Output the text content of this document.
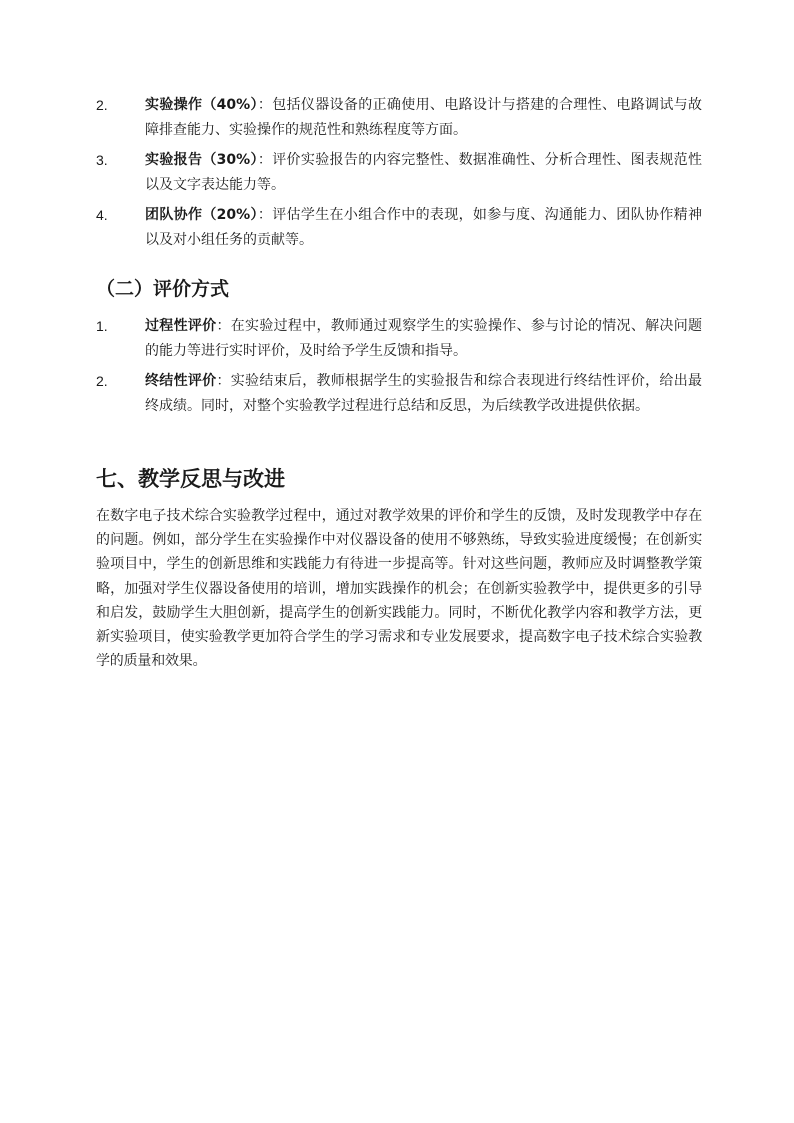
2.	实验操作（40%）：包括仪器设备的正确使用、电路设计与搭建的合理性、电路调试与故障排查能力、实验操作的规范性和熟练程度等方面。
3.	实验报告（30%）：评价实验报告的内容完整性、数据准确性、分析合理性、图表规范性以及文字表达能力等。
4.	团队协作（20%）：评估学生在小组合作中的表现，如参与度、沟通能力、团队协作精神以及对小组任务的贡献等。
（二）评价方式
1.	过程性评价：在实验过程中，教师通过观察学生的实验操作、参与讨论的情况、解决问题的能力等进行实时评价，及时给予学生反馈和指导。
2.	终结性评价：实验结束后，教师根据学生的实验报告和综合表现进行终结性评价，给出最终成绩。同时，对整个实验教学过程进行总结和反思，为后续教学改进提供依据。
七、教学反思与改进

在数字电子技术综合实验教学过程中，通过对教学效果的评价和学生的反馈，及时发现教学中存在的问题。例如，部分学生在实验操作中对仪器设备的使用不够熟练，导致实验进度缓慢；在创新实验项目中，学生的创新思维和实践能力有待进一步提高等。针对这些问题，教师应及时调整教学策略，加强对学生仪器设备使用的培训，增加实践操作的机会；在创新实验教学中，提供更多的引导和启发，鼓励学生大胆创新，提高学生的创新实践能力。同时，不断优化教学内容和教学方法，更新实验项目，使实验教学更加符合学生的学习需求和专业发展要求，提高数字电子技术综合实验教学的质量和效果。
